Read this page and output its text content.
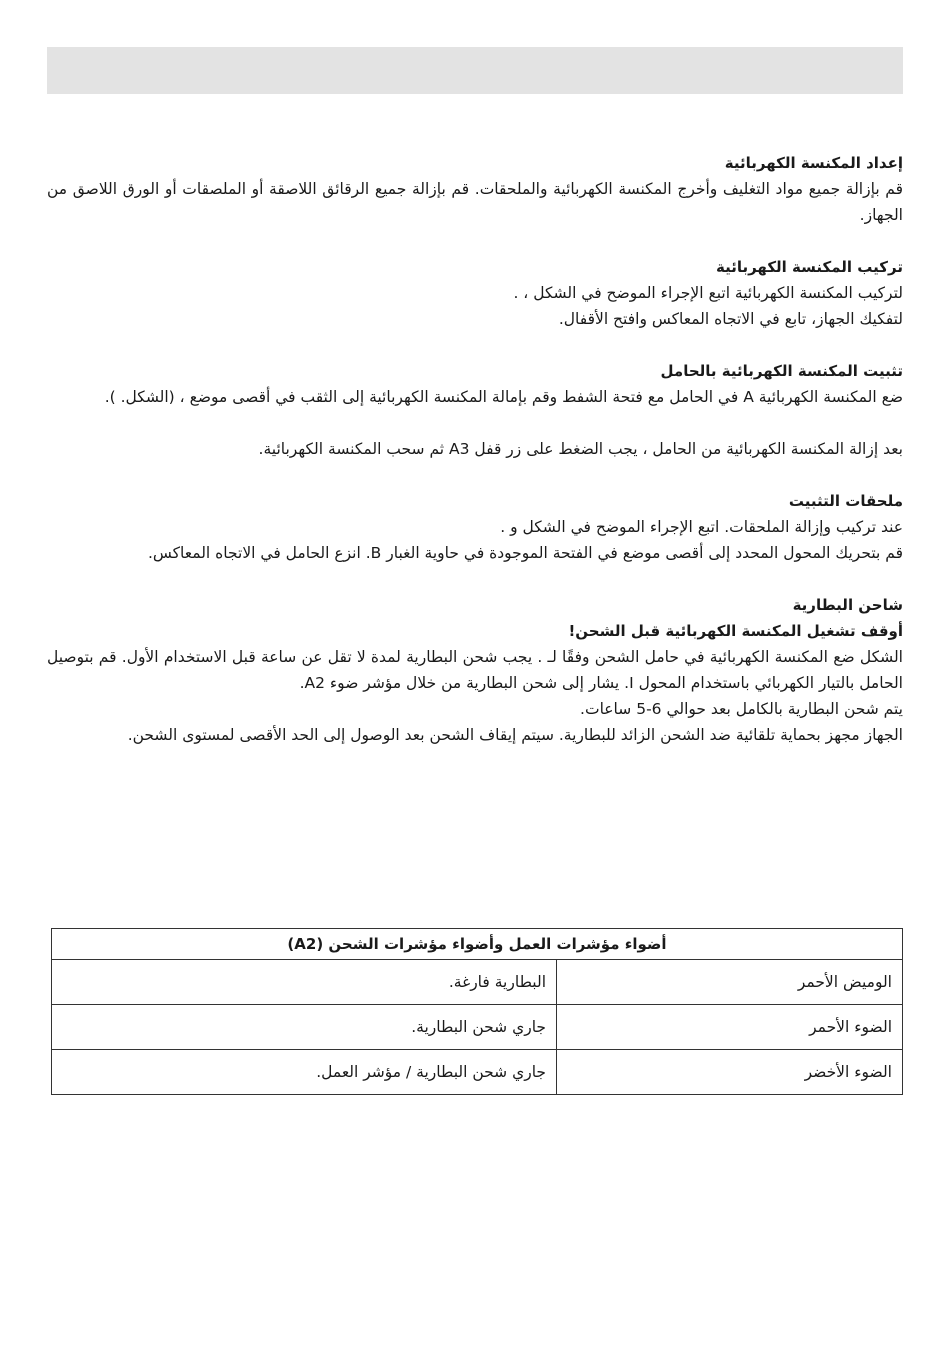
إعداد المكنسة الكهربائية

قم بإزالة جميع مواد التغليف وأخرج المكنسة الكهربائية والملحقات. قم بإزالة جميع الرقائق اللاصقة أو الملصقات أو الورق اللاصق من الجهاز.

تركيب المكنسة الكهربائية

لتركيب المكنسة الكهربائية اتبع الإجراء الموضح في الشكل ، .

لتفكيك الجهاز، تابع في الاتجاه المعاكس وافتح الأقفال.

تثبيت المكنسة الكهربائية بالحامل

ضع المكنسة الكهربائية A في الحامل مع فتحة الشفط وقم بإمالة المكنسة الكهربائية إلى الثقب في أقصى موضع ، (الشكل. ).

بعد إزالة المكنسة الكهربائية من الحامل ، يجب الضغط على زر قفل A3 ثم سحب المكنسة الكهربائية.

ملحقات التثبيت

عند تركيب وإزالة الملحقات. اتبع الإجراء الموضح في الشكل و .

قم بتحريك المحول المحدد إلى أقصى موضع في الفتحة الموجودة في حاوية الغبار B. انزع الحامل في الاتجاه المعاكس.

شاحن البطارية
أوقف تشغيل المكنسة الكهربائية قبل الشحن!

الشكل ضع المكنسة الكهربائية في حامل الشحن وفقًا لـ . يجب شحن البطارية لمدة لا تقل عن ساعة قبل الاستخدام الأول. قم بتوصيل الحامل بالتيار الكهربائي باستخدام المحول I. يشار إلى شحن البطارية من خلال مؤشر ضوء A2.

يتم شحن البطارية بالكامل بعد حوالي 6-5 ساعات.

الجهاز مجهز بحماية تلقائية ضد الشحن الزائد للبطارية. سيتم إيقاف الشحن بعد الوصول إلى الحد الأقصى لمستوى الشحن.

أضواء مؤشرات العمل وأضواء مؤشرات الشحن (A2)	
الوميض الأحمر	البطارية فارغة.
الضوء الأحمر	جاري شحن البطارية.
الضوء الأخضر	جاري شحن البطارية / مؤشر العمل.
